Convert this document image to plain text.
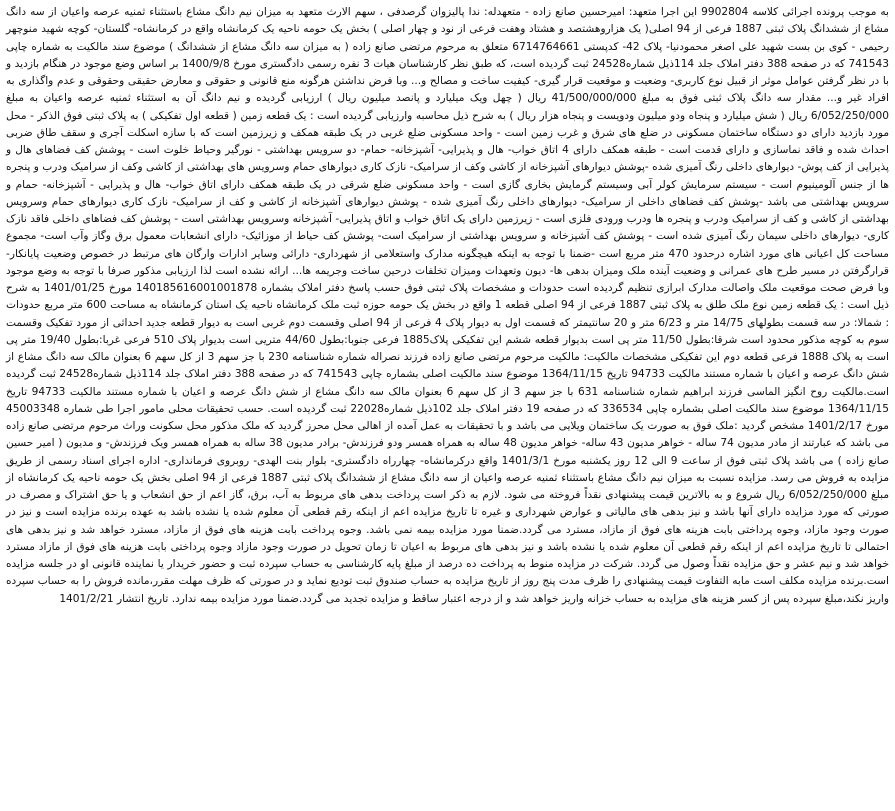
به موجب پرونده اجرائی کلاسه 9902804 این اجرا متعهد: امیرحسین صانع زاده - متعهدله: ندا پالیزوان گرصدفی ، سهم الارث متعهد به میزان نیم دانگ مشاع باستثناء ثمنیه عرصه واعیان از سه دانگ مشاع از ششدانگ پلاک ثبتی 1887 فرعی از 94 اصلی( یک هزاروهشتصد و هشتاد وهفت فرعی از نود و چهار اصلی ) بخش یک حومه ناحیه یک کرمانشاه واقع در کرمانشاه- گلستان- کوچه شهید منوچهر رحیمی - کوی بن بست شهید علی اصغر محمودنیا- پلاک 42- کدپستی 6714764661 متعلق به مرحوم مرتضی صانع زاده ( به میزان سه دانگ مشاع از ششدانگ ) موضوع سند مالکیت به شماره چاپی 741543 که در صفحه 388 دفتر املاک جلد 114ذیل شماره24528 ثبت گردیده است، که طبق نظر کارشناسان هیات 3 نفره رسمی دادگستری مورخ 1400/9/8 بر اساس وضع موجود در هنگام بازدید و با در نظر گرفتن عوامل موثر از قبیل نوع کاربری- وضعیت و موقعیت قرار گیری- کیفیت ساخت و مصالح و... وبا فرض نداشتن هرگونه منع قانونی و حقوقی و معارض حقیقی وحقوقی و عدم واگذاری به افراد غیر و... مقدار سه دانگ پلاک ثبتی فوق به مبلغ 41/500/000/000 ریال ( چهل ویک میلیارد و پانصد میلیون ریال ) ارزیابی گردیده و نیم دانگ آن به استثناء ثمنیه عرصه واعیان به مبلغ 6/052/250/000 ریال ( شش میلیارد و پنجاه ودو میلیون ودویست و پنجاه هزار ریال ) به شرح ذیل محاسبه وارزیابی گردیده است : یک قطعه زمین ( قطعه اول تفکیکی ) به پلاک ثبتی فوق الذکر - محل مورد بازدید دارای دو دستگاه ساختمان مسکونی در ضلع های شرق و غرب زمین است - واحد مسکونی ضلع غربی در یک طبقه همکف و زیرزمین است که با سازه اسکلت آجری و سقف طاق ضربی احداث شده و فاقد نماسازی و دارای قدمت است - طبقه همکف دارای 4 اتاق خواب- هال و پذیرایی- آشپزخانه- حمام- دو سرویس بهداشتی - نورگیر وحیاط خلوت است - پوشش کف فضاهای هال و پذیرایی از کف پوش- دیوارهای داخلی رنگ آمیزی شده -پوشش دیوارهای آشپزخانه از کاشی وکف از سرامیک- نازک کاری دیوارهای حمام وسرویس های بهداشتی از کاشی وکف از سرامیک ودرب و پنجره ها از جنس آلومینیوم است - سیستم سرمایش کولر آبی وسیستم گرمایش بخاری گازی است - واحد مسکونی ضلع شرقی در یک طبقه همکف دارای اتاق خواب- هال و پذیرایی - آشپزخانه- حمام و سرویس بهداشتی می باشد -پوشش کف فضاهای داخلی از سرامیک- دیوارهای داخلی رنگ آمیزی شده - پوشش دیوارهای آشپزخانه از کاشی و کف از سرامیک- نازک کاری دیوارهای حمام وسرویس بهداشتی از کاشی و کف از سرامیک ودرب و پنجره ها ودرب ورودی فلزی است - زیرزمین دارای یک اتاق خواب و اتاق پذیرایی- آشپزخانه وسرویس بهداشتی است - پوشش کف فضاهای داخلی فاقد نازک کاری- دیوارهای داخلی سیمان رنگ آمیزی شده است - پوشش کف آشپزخانه و سرویس بهداشتی از سرامیک است- پوشش کف حیاط از موزائیک- دارای انشعابات معمول برق وگاز وآب است- مجموع مساحت کل اعیانی های مورد اشاره درحدود 470 متر مربع است -ضمنا با توجه به اینکه هیچگونه مدارک واستعلامی از شهرداری- دارائی وسایر ادارات وارگان های مرتبط در خصوص وضعیت پایانکار- قرارگرفتن در مسیر طرح های عمرانی و وضعیت آینده ملک ومیزان بدهی ها- دیون وتعهدات ومیزان تخلفات درحین ساخت وجریمه ها... ارائه نشده است لذا ارزیابی مذکور صرفا با توجه به وضع موجود وبا فرض صحت موقعیت ملک واصالت مدارک ابرازی تنظیم گردیده است حدودات و مشخصات پلاک ثبتی فوق حسب پاسخ دفتر املاک بشماره 140185616001001878 مورخ 1401/01/25 به شرح ذیل است : یک قطعه زمین نوع ملک طلق به پلاک ثبتی 1887 فرعی از 94 اصلی قطعه 1 واقع در بخش یک حومه حوزه ثبت ملک کرمانشاه ناحیه یک استان کرمانشاه به مساحت 600 متر مربع حدودات : شمالا: در سه قسمت بطولهای 14/75 متر و 6/23 متر و 20 سانتیمتر که قسمت اول به دیوار پلاک 4 فرعی از 94 اصلی وقسمت دوم غربی است به دیوار قطعه جدید احداثی از مورد تفکیک وقسمت سوم به کوچه مذکور محدود است شرقا:بطول 11/50 متر پی است بدیوار قطعه ششم این تفکیکی پلاک1885 فرعی جنوبا:بطول 44/60 متریی است بدیوار پلاک 510 فرعی غربا:بطول 19/40 متر پی است به پلاک 1888 فرعی قطعه دوم این تفکیکی مشخصات مالکیت: مالکیت مرحوم مرتضی صانع زاده فرزند نصراله شماره شناسنامه 230 با جز سهم 3 از کل سهم 6 بعنوان مالک سه دانگ مشاع از شش دانگ عرصه و اعیان با شماره مستند مالکیت 94733 تاریخ 1364/11/15 موضوع سند مالکیت اصلی بشماره چاپی 741543 که در صفحه 388 دفتر املاک جلد 114ذیل شماره24528 ثبت گردیده است.مالکیت روح انگیز الماسی فرزند ابراهیم شماره شناسنامه 631 با جز سهم 3 از کل سهم 6 بعنوان مالک سه دانگ مشاع از شش دانگ عرصه و اعیان با شماره مستند مالکیت 94733 تاریخ 1364/11/15 موضوع سند مالکیت اصلی بشماره چاپی 336534 که در صفحه 19 دفتر املاک جلد 102ذیل شماره22028 ثبت گردیده است. حسب تحقیقات محلی مامور اجرا طی شماره 45003348 مورخ 1401/2/17 مشخص گردید :ملک فوق به صورت یک ساختمان ویلایی می باشد و با تحقیقات به عمل آمده از اهالی محل محرز گردید که ملک مذکور محل سکونت وراث مرحوم مرتضی صانع زاده می باشد که عبارتند از مادر مدیون 74 ساله - خواهر مدیون 43 ساله- خواهر مدیون 48 ساله به همراه همسر ودو فرزندش- برادر مدیون 38 ساله به همراه همسر ویک فرزندش- و مدیون ( امیر حسین صانع زاده ) می باشد پلاک ثبتی فوق از ساعت 9 الی 12 روز یکشنبه مورخ 1401/3/1 واقع درکرمانشاه- چهارراه دادگستری- بلوار بنت الهدی- روبروی فرمانداری- اداره اجرای اسناد رسمی از طریق مزایده به فروش می رسد. مزایده نسبت به میزان نیم دانگ مشاع باستثناء ثمنیه عرصه واعیان از سه دانگ مشاع از ششدانگ پلاک ثبتی 1887 فرعی از 94 اصلی بخش یک حومه ناحیه یک کرمانشاه از مبلغ 6/052/250/000 ریال شروع و به بالاترین قیمت پیشنهادی نقداً فروخته می شود. لازم به ذکر است پرداخت بدهی های مربوط به آب، برق، گاز اعم از حق انشعاب و یا حق اشتراک و مصرف در صورتی که مورد مزایده دارای آنها باشد و نیز بدهی های مالیاتی و عوارض شهرداری و غیره تا تاریخ مزایده اعم از اینکه رقم قطعی آن معلوم شده یا نشده باشد به عهده برنده مزایده است و نیز در صورت وجود مازاد، وجوه پرداختی بابت هزینه های فوق از مازاد، مسترد می گردد.ضمنا مورد مزایده بیمه نمی باشد. وجوه پرداخت بابت هزینه های فوق از مازاد، مسترد خواهد شد و نیز بدهی های احتمالی تا تاریخ مزایده اعم از اینکه رقم قطعی آن معلوم شده یا نشده باشد و نیز بدهی های مربوط به اعیان تا زمان تحویل در صورت وجود مازاد وجوه پرداختی بابت هزینه های فوق از مازاد مسترد خواهد شد و نیم عشر و حق مزایده نقداً وصول می گردد. شرکت در مزایده منوط به پرداخت ده درصد از مبلغ پایه کارشناسی به حساب سپرده ثبت و حضور خریدار یا نماینده قانونی او در جلسه مزایده است.برنده مزایده مکلف است مابه التفاوت قیمت پیشنهادی را ظرف مدت پنج روز از تاریخ مزایده به حساب صندوق ثبت تودیع نماید و در صورتی که ظرف مهلت مقرر،مانده فروش را به حساب سپرده واریز نکند،مبلغ سپرده پس از کسر هزینه های مزایده به حساب خزانه واریز خواهد شد و از درجه اعتبار ساقط و مزایده تجدید می گردد.ضمنا مورد مزایده بیمه ندارد. تاریخ انتشار 1401/2/21
